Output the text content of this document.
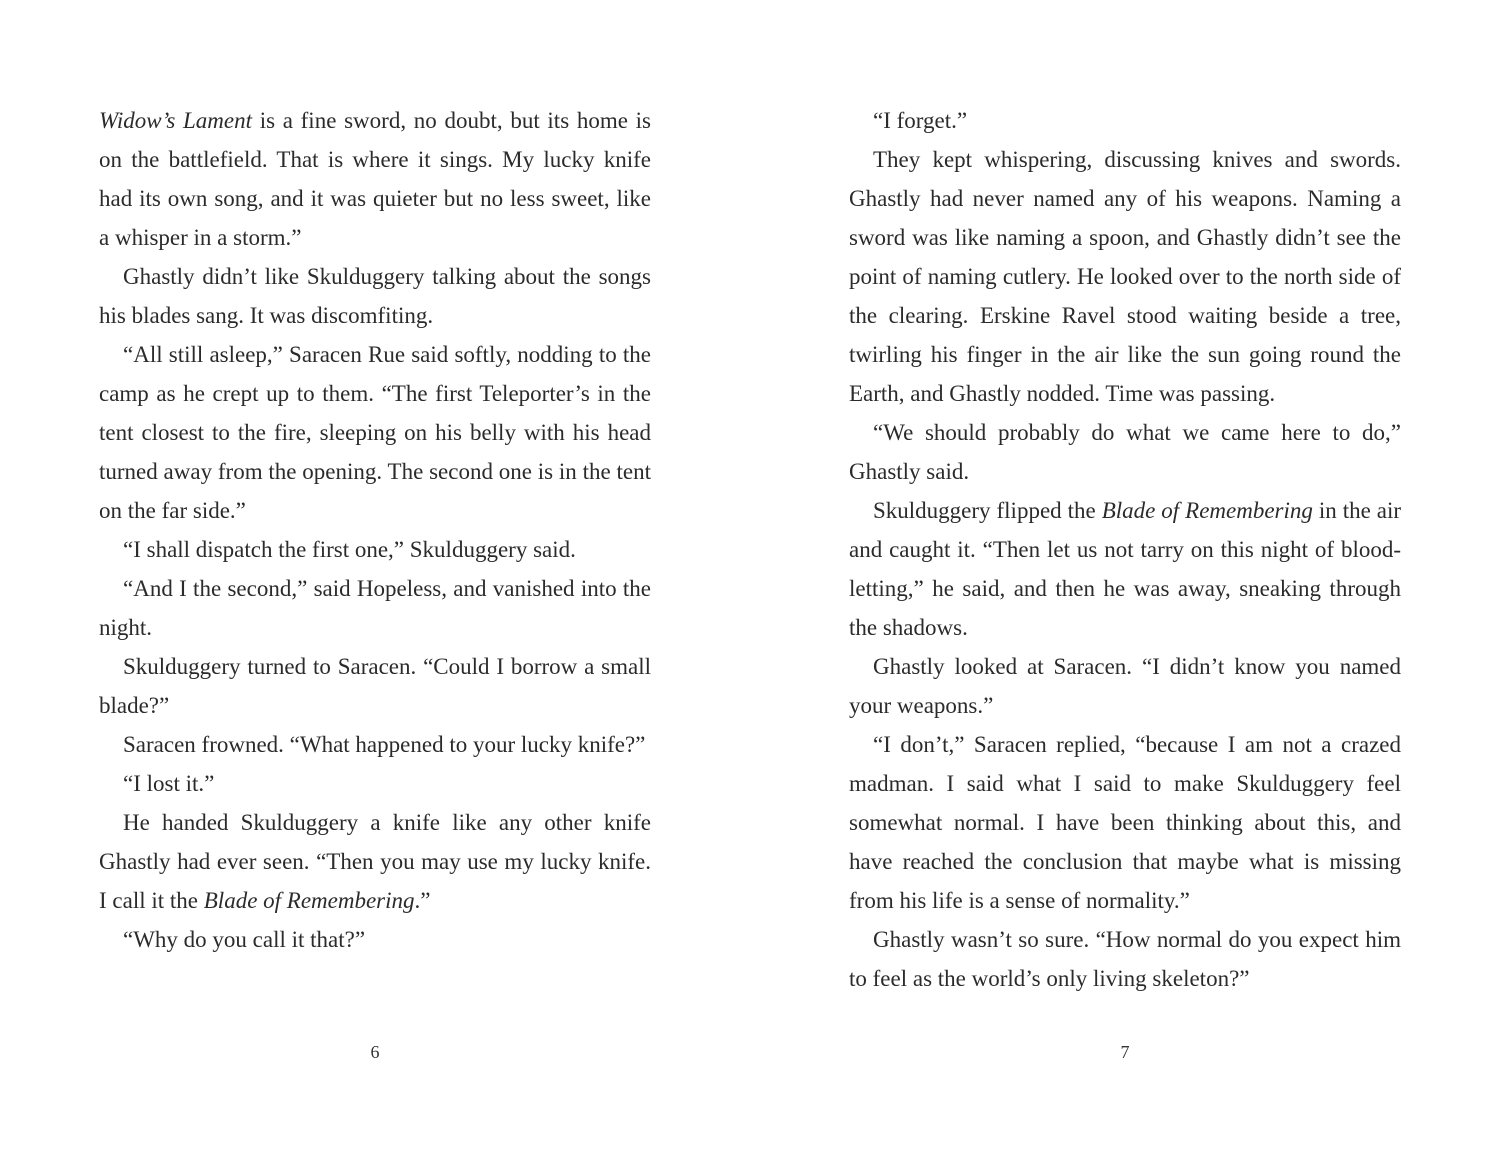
Widow’s Lament is a fine sword, no doubt, but its home is on the battlefield. That is where it sings. My lucky knife had its own song, and it was quieter but no less sweet, like a whisper in a storm.”

Ghastly didn’t like Skulduggery talking about the songs his blades sang. It was discomfiting.

“All still asleep,” Saracen Rue said softly, nodding to the camp as he crept up to them. “The first Teleporter’s in the tent closest to the fire, sleeping on his belly with his head turned away from the opening. The second one is in the tent on the far side.”

“I shall dispatch the first one,” Skulduggery said.

“And I the second,” said Hopeless, and vanished into the night.

Skulduggery turned to Saracen. “Could I borrow a small blade?”

Saracen frowned. “What happened to your lucky knife?”

“I lost it.”

He handed Skulduggery a knife like any other knife Ghastly had ever seen. “Then you may use my lucky knife. I call it the Blade of Remembering.”

“Why do you call it that?”

6

“I forget.”

They kept whispering, discussing knives and swords. Ghastly had never named any of his weapons. Naming a sword was like naming a spoon, and Ghastly didn’t see the point of naming cutlery. He looked over to the north side of the clearing. Erskine Ravel stood waiting beside a tree, twirling his finger in the air like the sun going round the Earth, and Ghastly nodded. Time was passing.

“We should probably do what we came here to do,” Ghastly said.

Skulduggery flipped the Blade of Remembering in the air and caught it. “Then let us not tarry on this night of blood-letting,” he said, and then he was away, sneaking through the shadows.

Ghastly looked at Saracen. “I didn’t know you named your weapons.”

“I don’t,” Saracen replied, “because I am not a crazed madman. I said what I said to make Skulduggery feel somewhat normal. I have been thinking about this, and have reached the conclusion that maybe what is missing from his life is a sense of normality.”

Ghastly wasn’t so sure. “How normal do you expect him to feel as the world’s only living skeleton?”

7
